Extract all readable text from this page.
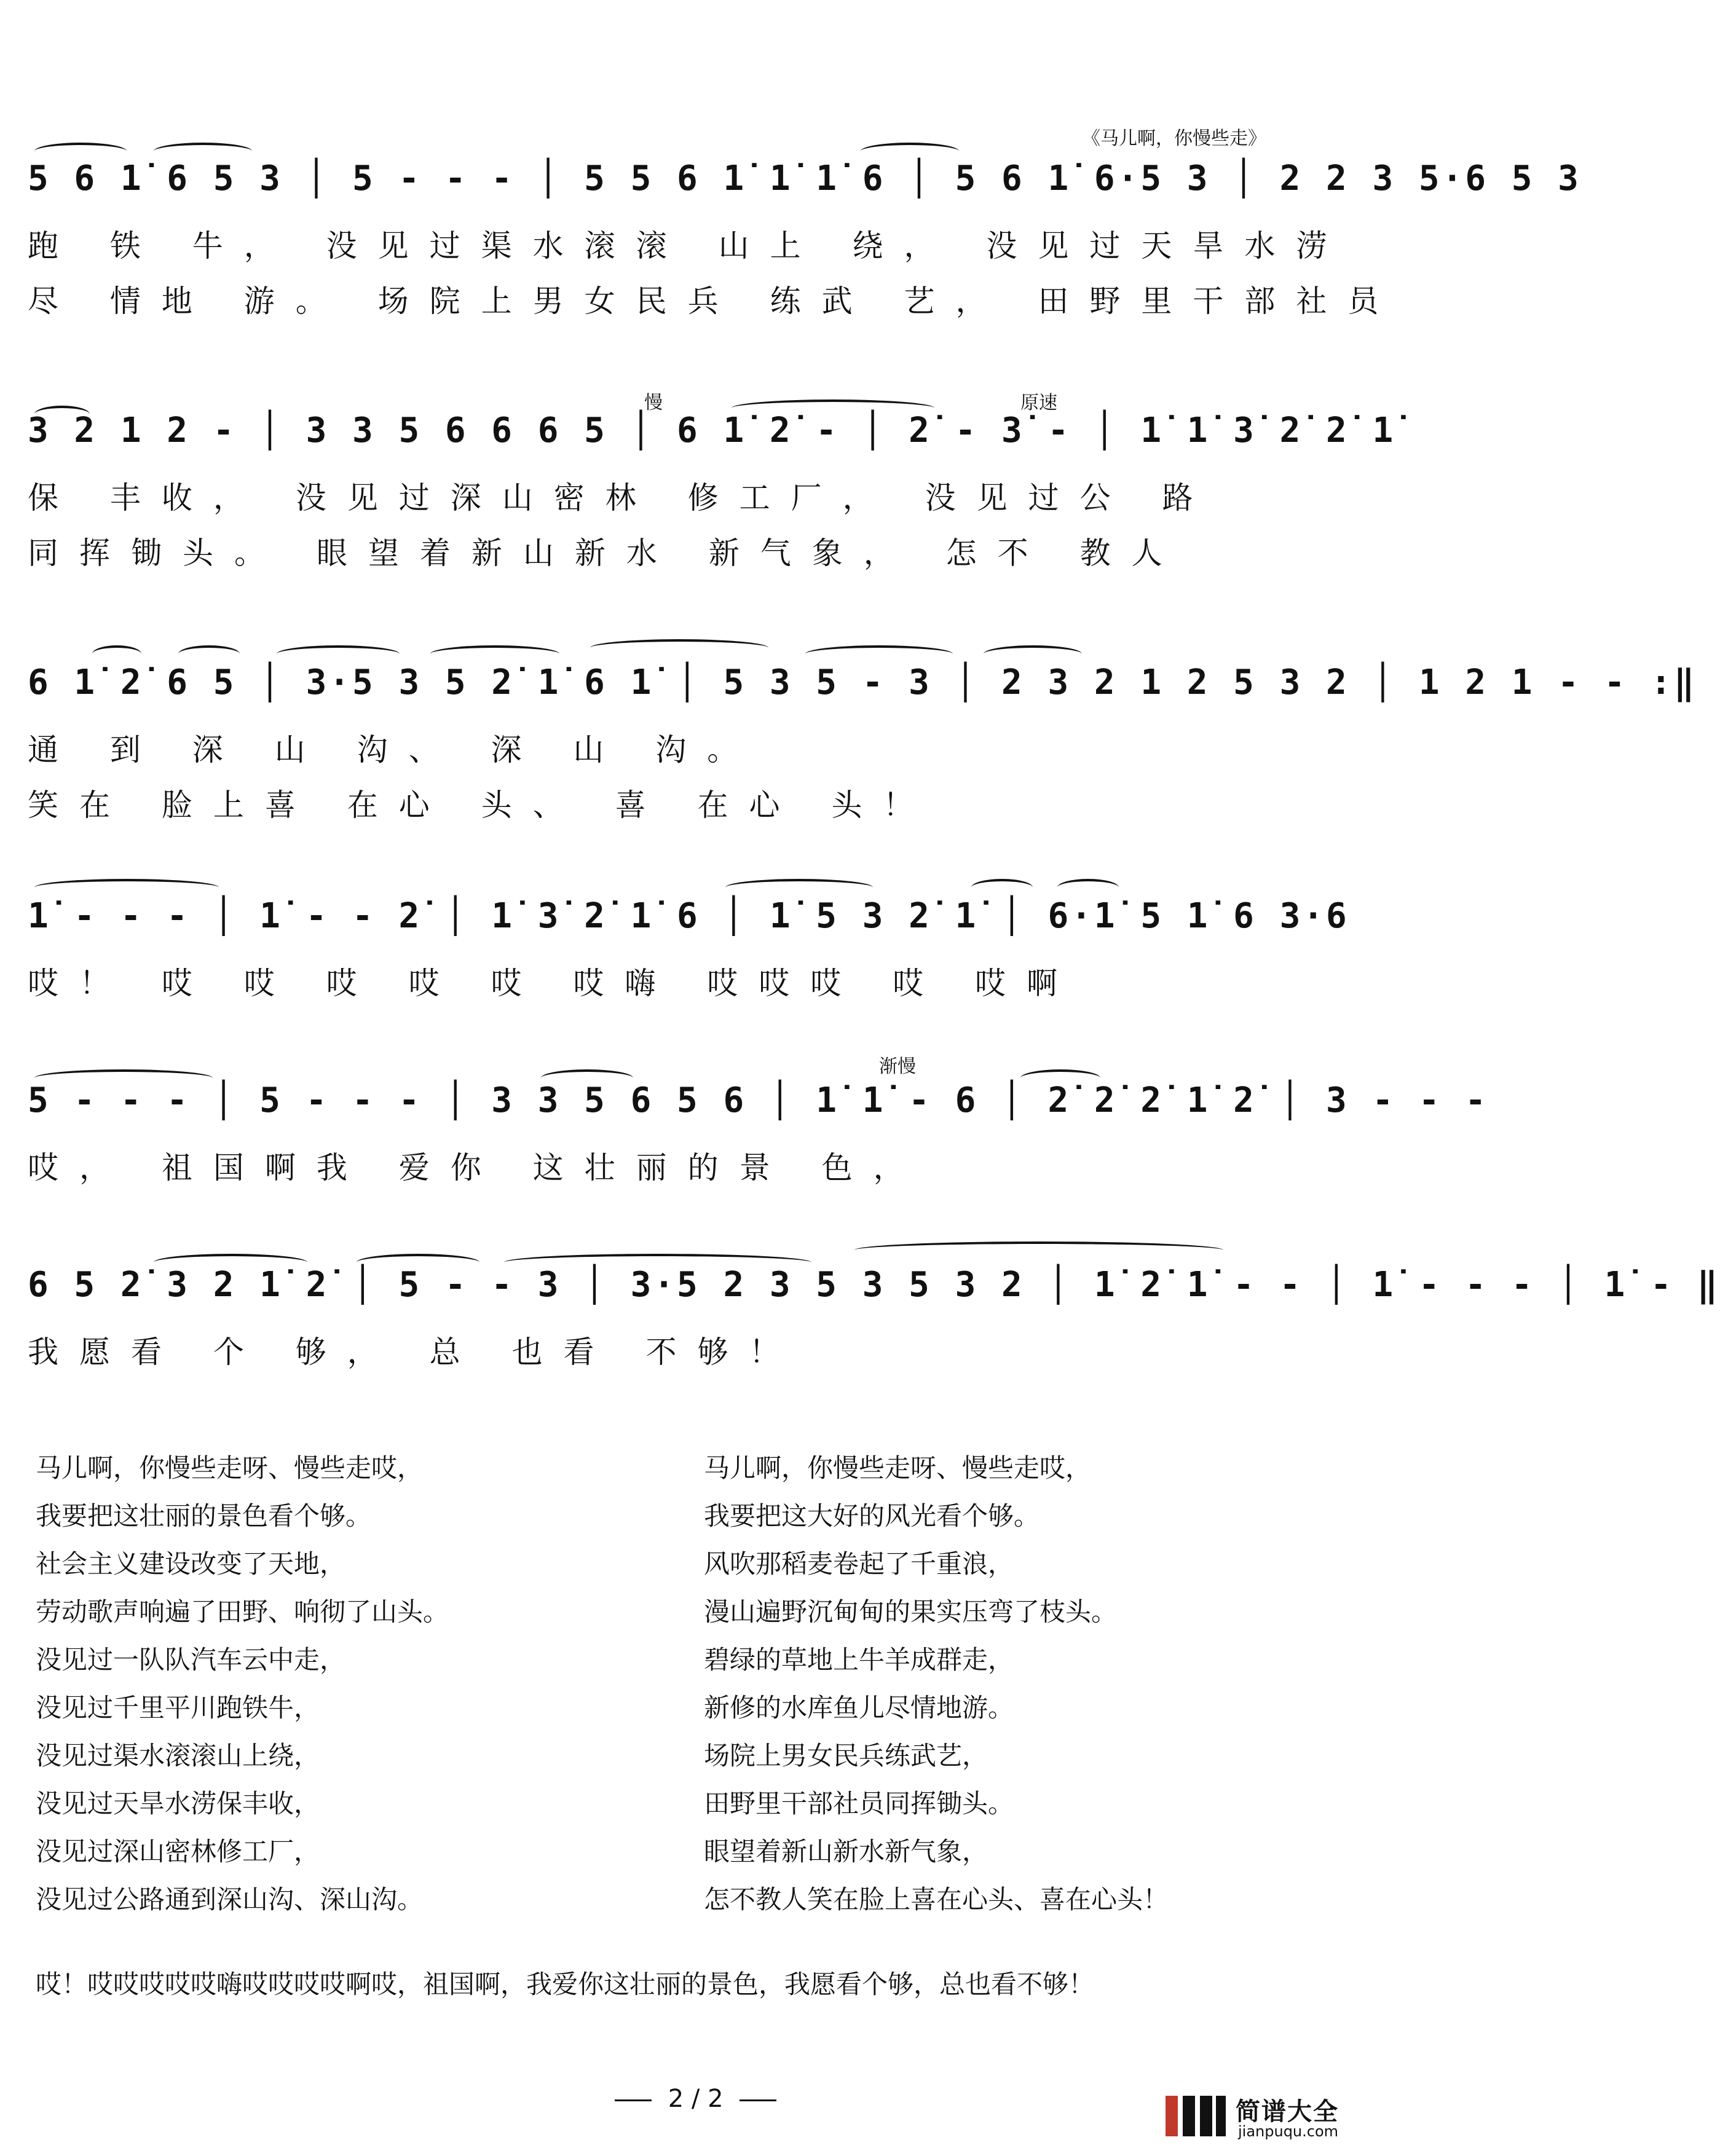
《马儿啊，你慢些走》
5 6 1̇ 6 5 3 │ 5 - - - │ 5 5 6 1̇ 1̇ 1̇ 6 │ 5 6 1̇ 6·5 3 │ 2 2 3 5·6 5 3
跑 铁 牛， 没见过渠水滚滚 山上 绕， 没见过天旱水涝
尽 情地 游。 场院上男女民兵 练武 艺， 田野里干部社员
慢	原速
3 2 1 2 - │ 3 3 5 6 6 6 5 │ 6 1̇ 2̇ - │ 2̇ - 3̇ - │ 1̇ 1̇ 3̇ 2̇ 2̇ 1̇
保 丰收， 没见过深山密林 修工厂， 没见过公 路
同挥锄头。 眼望着新山新水 新气象， 怎不 教人
6 1̇ 2̇ 6 5 │ 3·5 3 5 2̇ 1̇ 6 1̇ │ 5 3 5 - 3 │ 2 3 2 1 2 5 3 2 │ 1 2 1 - - :‖
通 到 深 山 沟、 深 山 沟。
笑在 脸上喜 在心 头、 喜 在心 头！
1̇ - - - │ 1̇ - - 2̇ │ 1̇ 3̇ 2̇ 1̇ 6 │ 1̇ 5 3 2̇ 1̇ │ 6·1̇ 5 1̇ 6 3·6
哎！ 哎 哎 哎 哎 哎 哎嗨 哎哎哎 哎 哎啊
渐慢
5 - - - │ 5 - - - │ 3 3 5 6 5 6 │ 1̇ 1̇ - 6 │ 2̇ 2̇ 2̇ 1̇ 2̇ │ 3 - - -
哎， 祖国啊我 爱你 这壮丽的景 色，
6 5 2̇ 3 2 1̇ 2̇ │ 5 - - 3 │ 3·5 2 3 5 3 5 3 2 │ 1̇ 2̇ 1̇ - - │ 1̇ - - - │ 1̇ - ‖
我愿看 个 够， 总 也看 不够！
马儿啊，你慢些走呀、慢些走哎，
我要把这壮丽的景色看个够。
社会主义建设改变了天地，
劳动歌声响遍了田野、响彻了山头。
没见过一队队汽车云中走，
没见过千里平川跑铁牛，
没见过渠水滚滚山上绕，
没见过天旱水涝保丰收，
没见过深山密林修工厂，
没见过公路通到深山沟、深山沟。
马儿啊，你慢些走呀、慢些走哎，
我要把这大好的风光看个够。
风吹那稻麦卷起了千重浪，
漫山遍野沉甸甸的果实压弯了枝头。
碧绿的草地上牛羊成群走，
新修的水库鱼儿尽情地游。
场院上男女民兵练武艺，
田野里干部社员同挥锄头。
眼望着新山新水新气象，
怎不教人笑在脸上喜在心头、喜在心头！
哎！哎哎哎哎哎嗨哎哎哎哎啊哎，祖国啊，我爱你这壮丽的景色，我愿看个够，总也看不够！
2 / 2	简谱大全
jianpuqu.com
